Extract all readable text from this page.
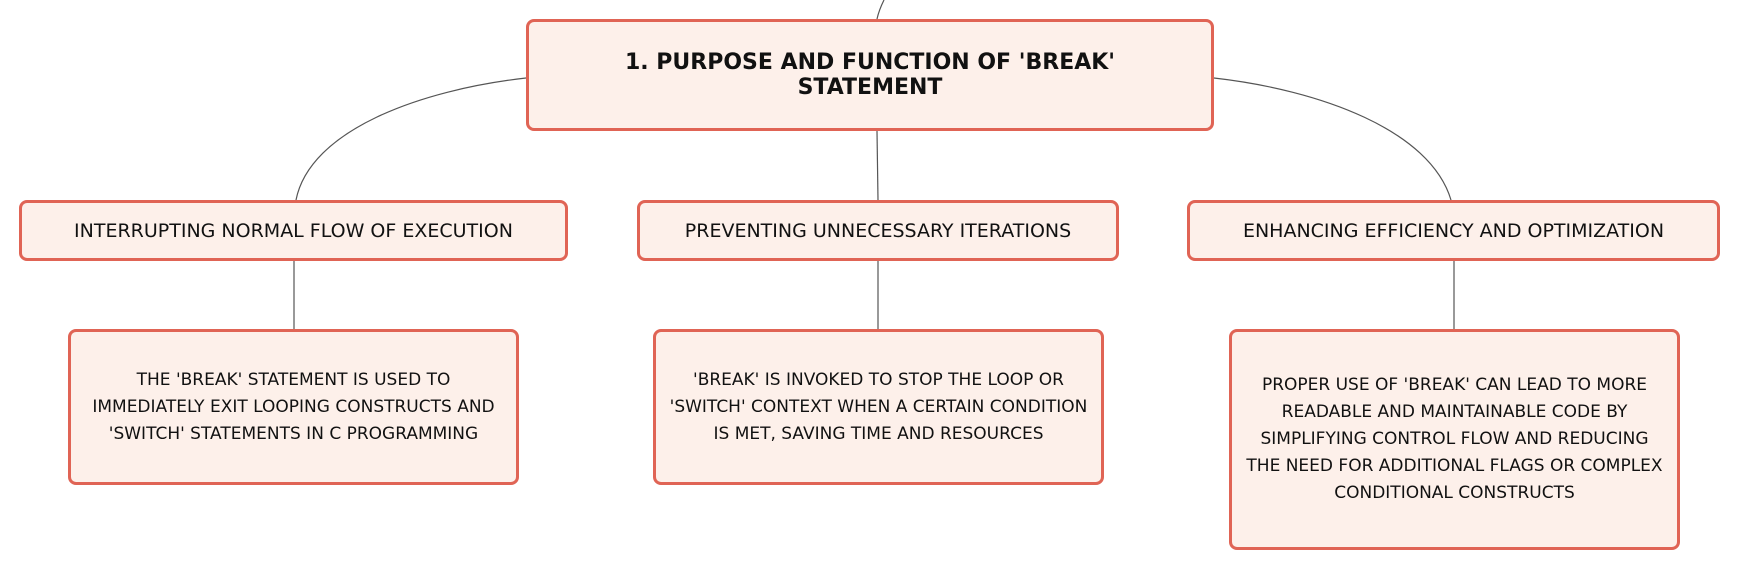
1. PURPOSE AND FUNCTION OF 'BREAK' STATEMENT
INTERRUPTING NORMAL FLOW OF EXECUTION	PREVENTING UNNECESSARY ITERATIONS	ENHANCING EFFICIENCY AND OPTIMIZATION
THE 'BREAK' STATEMENT IS USED TO IMMEDIATELY EXIT LOOPING CONSTRUCTS AND 'SWITCH' STATEMENTS IN C PROGRAMMING
'BREAK' IS INVOKED TO STOP THE LOOP OR 'SWITCH' CONTEXT WHEN A CERTAIN CONDITION IS MET, SAVING TIME AND RESOURCES
PROPER USE OF 'BREAK' CAN LEAD TO MORE READABLE AND MAINTAINABLE CODE BY SIMPLIFYING CONTROL FLOW AND REDUCING THE NEED FOR ADDITIONAL FLAGS OR COMPLEX CONDITIONAL CONSTRUCTS
